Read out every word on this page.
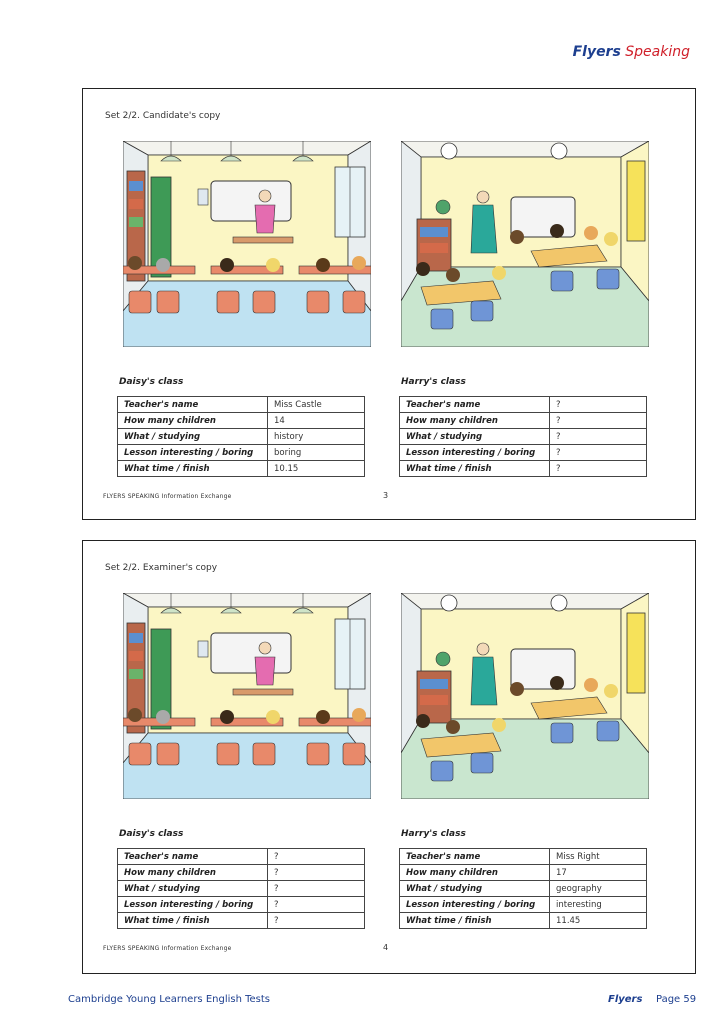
Flyers Speaking
Set 2/2. Candidate's copy
Daisy's class	Harry's class
Teacher's name	Miss Castle
How many children	14
What / studying	history
Lesson interesting / boring	boring
What time / finish	10.15
Teacher's name	?
How many children	?
What / studying	?
Lesson interesting / boring	?
What time / finish	?
FLYERS SPEAKING Information Exchange	3
Set 2/2. Examiner's copy
Daisy's class	Harry's class
Teacher's name	?
How many children	?
What / studying	?
Lesson interesting / boring	?
What time / finish	?
Teacher's name	Miss Right
How many children	17
What / studying	geography
Lesson interesting / boring	interesting
What time / finish	11.45
FLYERS SPEAKING Information Exchange	4
Cambridge Young Learners English Tests	Flyers Page 59
